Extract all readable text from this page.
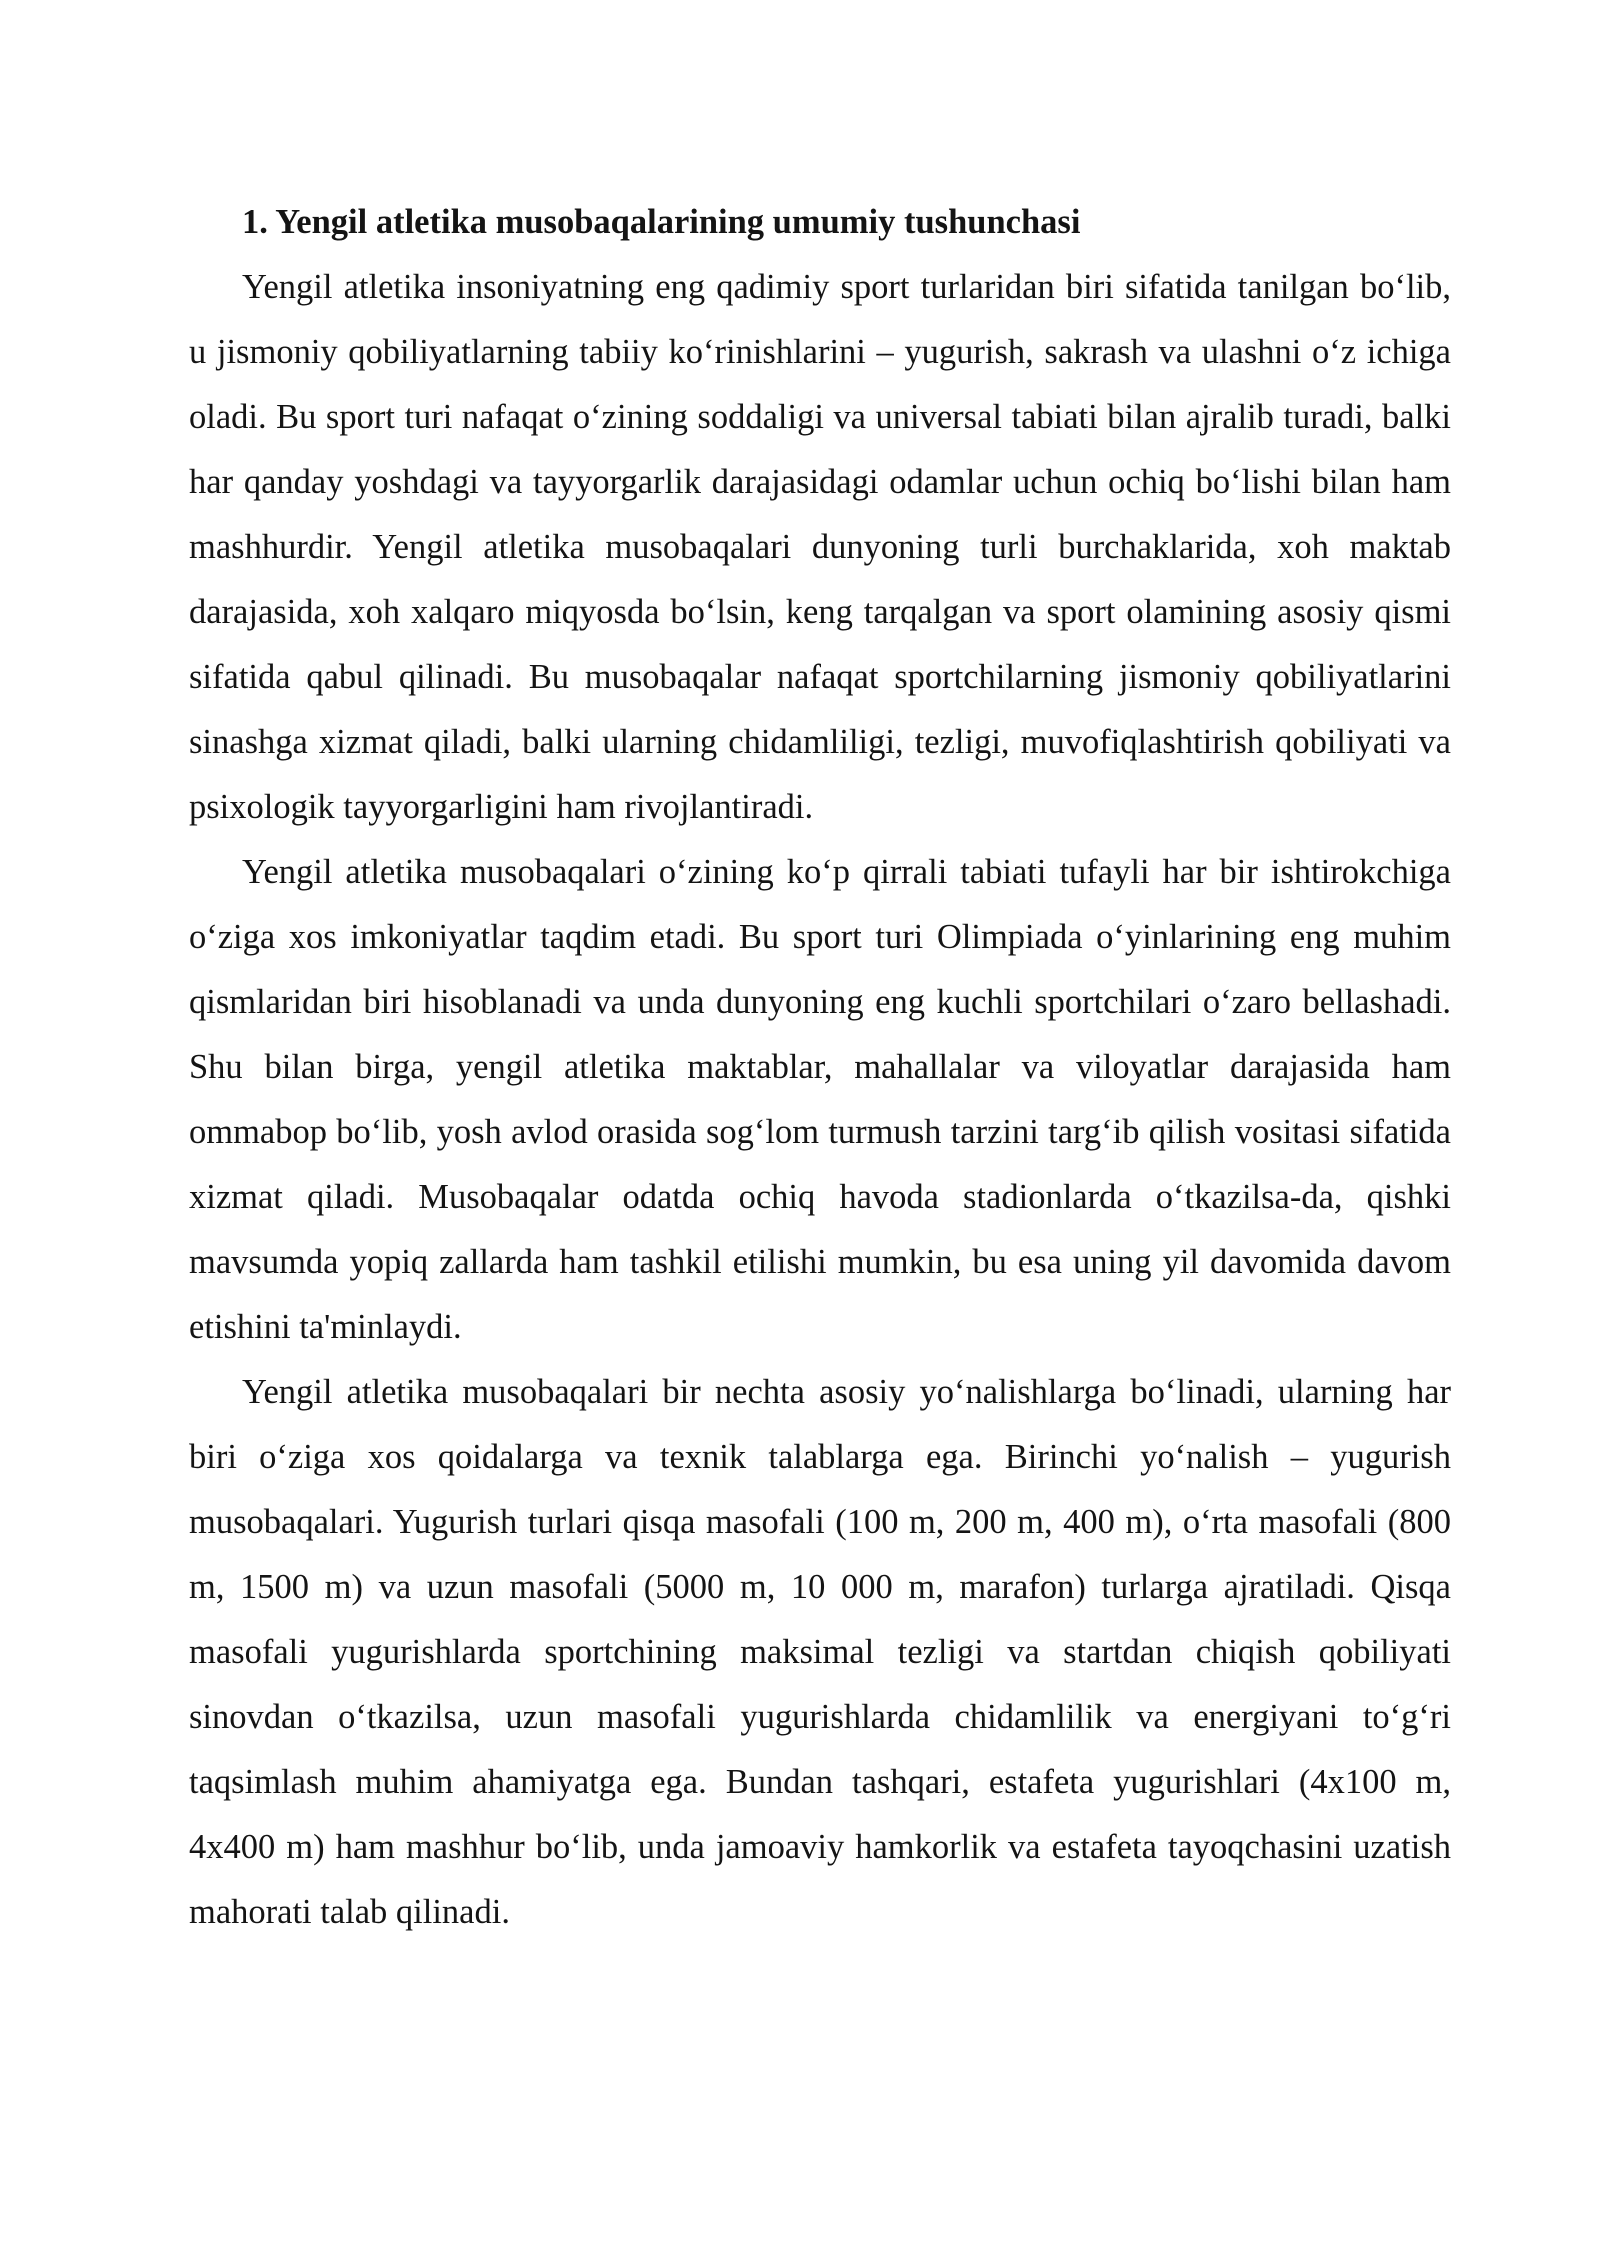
1. Yengil atletika musobaqalarining umumiy tushunchasi

Yengil atletika insoniyatning eng qadimiy sport turlaridan biri sifatida tanilgan bo‘lib, u jismoniy qobiliyatlarning tabiiy ko‘rinishlarini – yugurish, sakrash va ulashni o‘z ichiga oladi. Bu sport turi nafaqat o‘zining soddaligi va universal tabiati bilan ajralib turadi, balki har qanday yoshdagi va tayyorgarlik darajasidagi odamlar uchun ochiq bo‘lishi bilan ham mashhurdir. Yengil atletika musobaqalari dunyoning turli burchaklarida, xoh maktab darajasida, xoh xalqaro miqyosda bo‘lsin, keng tarqalgan va sport olamining asosiy qismi sifatida qabul qilinadi. Bu musobaqalar nafaqat sportchilarning jismoniy qobiliyatlarini sinashga xizmat qiladi, balki ularning chidamliligi, tezligi, muvofiqlashtirish qobiliyati va psixologik tayyorgarligini ham rivojlantiradi.

Yengil atletika musobaqalari o‘zining ko‘p qirrali tabiati tufayli har bir ishtirokchiga o‘ziga xos imkoniyatlar taqdim etadi. Bu sport turi Olimpiada o‘yinlarining eng muhim qismlaridan biri hisoblanadi va unda dunyoning eng kuchli sportchilari o‘zaro bellashadi. Shu bilan birga, yengil atletika maktablar, mahallalar va viloyatlar darajasida ham ommabop bo‘lib, yosh avlod orasida sog‘lom turmush tarzini targ‘ib qilish vositasi sifatida xizmat qiladi. Musobaqalar odatda ochiq havoda stadionlarda o‘tkazilsa-da, qishki mavsumda yopiq zallarda ham tashkil etilishi mumkin, bu esa uning yil davomida davom etishini ta'minlaydi.

Yengil atletika musobaqalari bir nechta asosiy yo‘nalishlarga bo‘linadi, ularning har biri o‘ziga xos qoidalarga va texnik talablarga ega. Birinchi yo‘nalish – yugurish musobaqalari. Yugurish turlari qisqa masofali (100 m, 200 m, 400 m), o‘rta masofali (800 m, 1500 m) va uzun masofali (5000 m, 10 000 m, marafon) turlarga ajratiladi. Qisqa masofali yugurishlarda sportchining maksimal tezligi va startdan chiqish qobiliyati sinovdan o‘tkazilsa, uzun masofali yugurishlarda chidamlilik va energiyani to‘g‘ri taqsimlash muhim ahamiyatga ega. Bundan tashqari, estafeta yugurishlari (4x100 m, 4x400 m) ham mashhur bo‘lib, unda jamoaviy hamkorlik va estafeta tayoqchasini uzatish mahorati talab qilinadi.
